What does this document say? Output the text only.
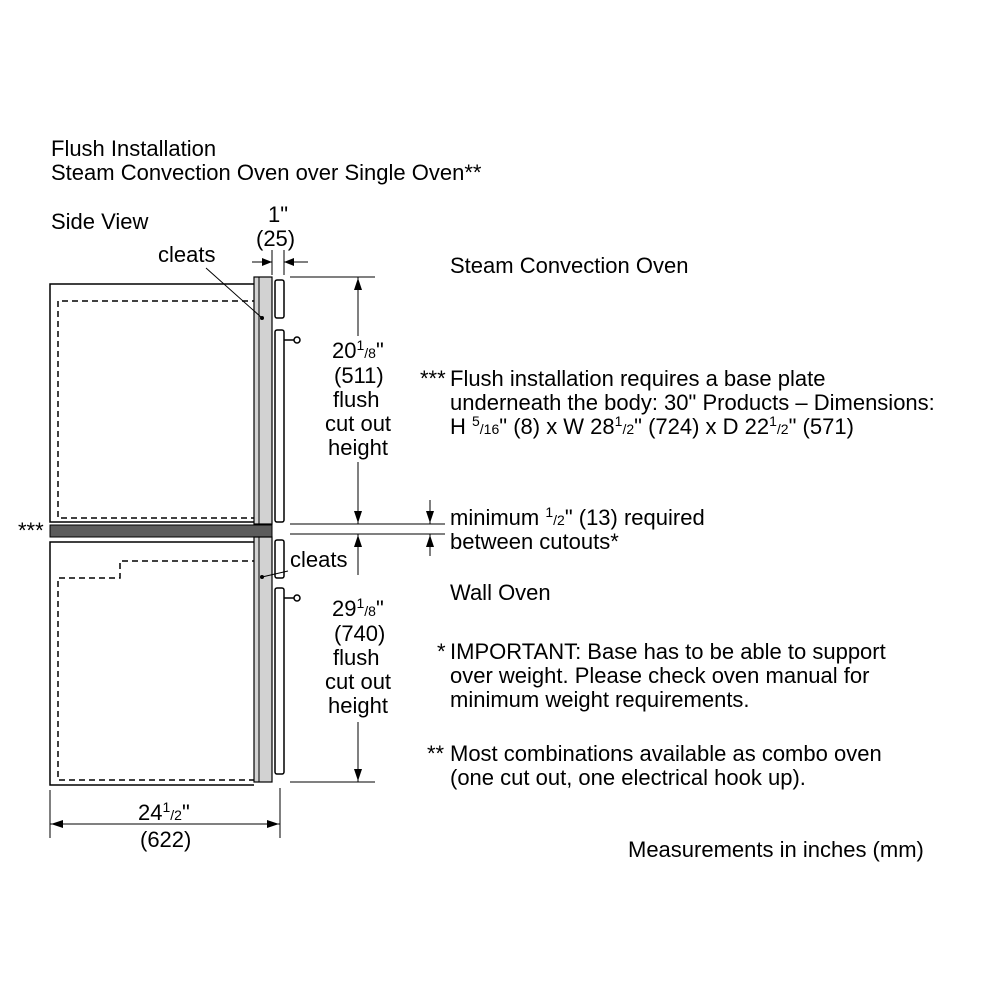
Flush Installation
Steam Convection Oven over Single Oven**
Side View
***
cleats
cleats
1"
(25)
$20^1_{/8}$"
(511)
flush
cut out
height
$29^1_{/8}$"
(740)
flush
cut out
height
$24^1_{/2}$"
(622)
Steam Convection Oven
*** Flush installation requires a base plate
underneath the body: 30" Products – Dimensions:
H $^5_{/16}$" (8) x W $28^1_{/2}$" (724) x D $22^1_{/2}$" (571)
minimum $^1_{/2}$" (13) required
between cutouts*
Wall Oven
* IMPORTANT: Base has to be able to support
over weight. Please check oven manual for
minimum weight requirements.
** Most combinations available as combo oven
(one cut out, one electrical hook up).
Measurements in inches (mm)
